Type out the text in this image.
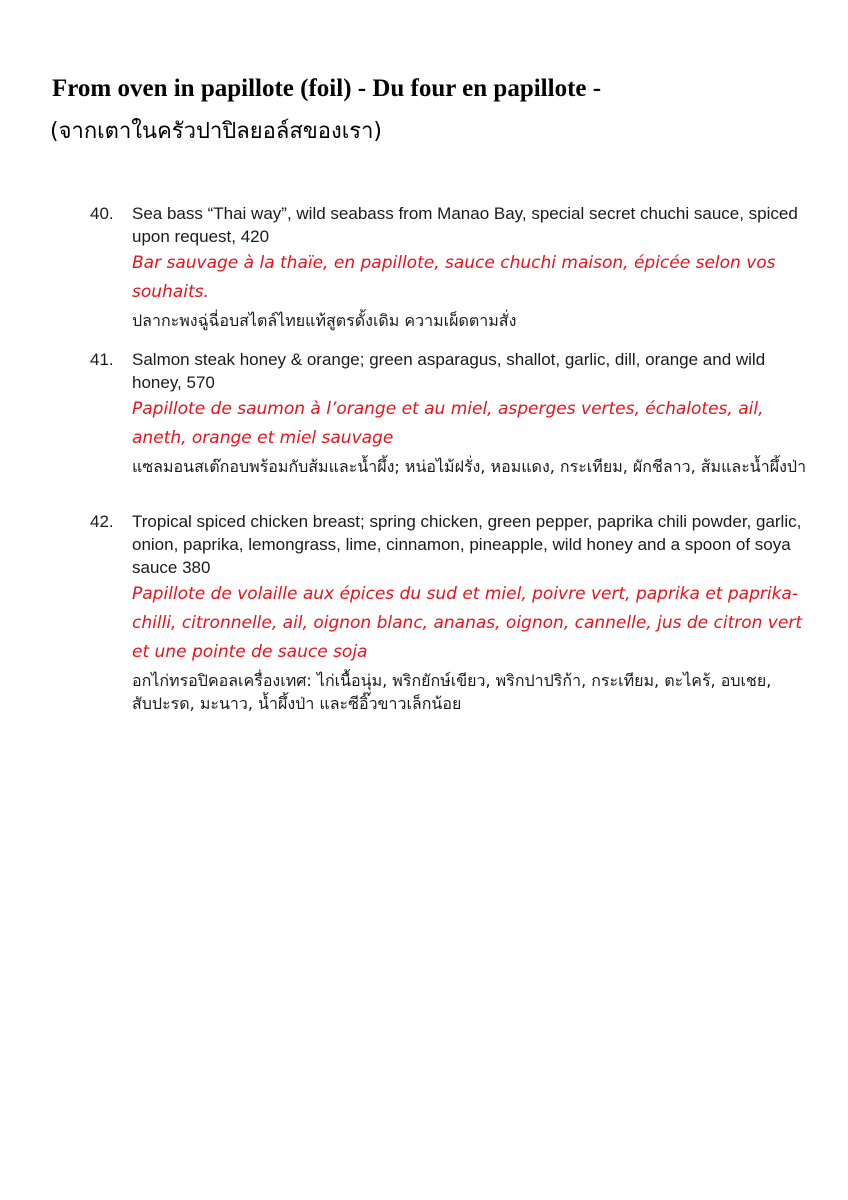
From oven in papillote (foil) - Du four en papillote -
(จากเตาในครัวปาปิลยอล์สของเรา)
40. Sea bass “Thai way”, wild seabass from Manao Bay, special secret chuchi sauce, spiced upon request, 420
Bar sauvage à la thaïe, en papillote, sauce chuchi maison, épicée selon vos souhaits.
ปลากะพงฉู่ฉี่อบสไตล์ไทยแท้สูตรดั้งเดิม ความเผ็ดตามสั่ง
41. Salmon steak honey & orange; green asparagus, shallot, garlic, dill, orange and wild honey, 570
Papillote de saumon à l’orange et au miel, asperges vertes, échalotes, ail, aneth, orange et miel sauvage
แซลมอนสเต๊กอบพร้อมกับส้มและน้ำผึ้ง; หน่อไม้ฝรั่ง, หอมแดง, กระเทียม, ผักชีลาว, ส้มและน้ำผึ้งป่า
42. Tropical spiced chicken breast; spring chicken, green pepper, paprika chili powder, garlic, onion, paprika, lemongrass, lime, cinnamon, pineapple, wild honey and a spoon of soya sauce 380
Papillote de volaille aux épices du sud et miel, poivre vert, paprika et paprika-chilli, citronnelle, ail, oignon blanc, ananas, oignon, cannelle, jus de citron vert et une pointe de sauce soja
อกไก่ทรอปิคอลเครื่องเทศ: ไก่เนื้อนุ่ม, พริกยักษ์เขียว, พริกปาปริก้า, กระเทียม, ตะไคร้, อบเชย, สับปะรด, มะนาว, น้ำผึ้งป่า และซีอิ๊วขาวเล็กน้อย
